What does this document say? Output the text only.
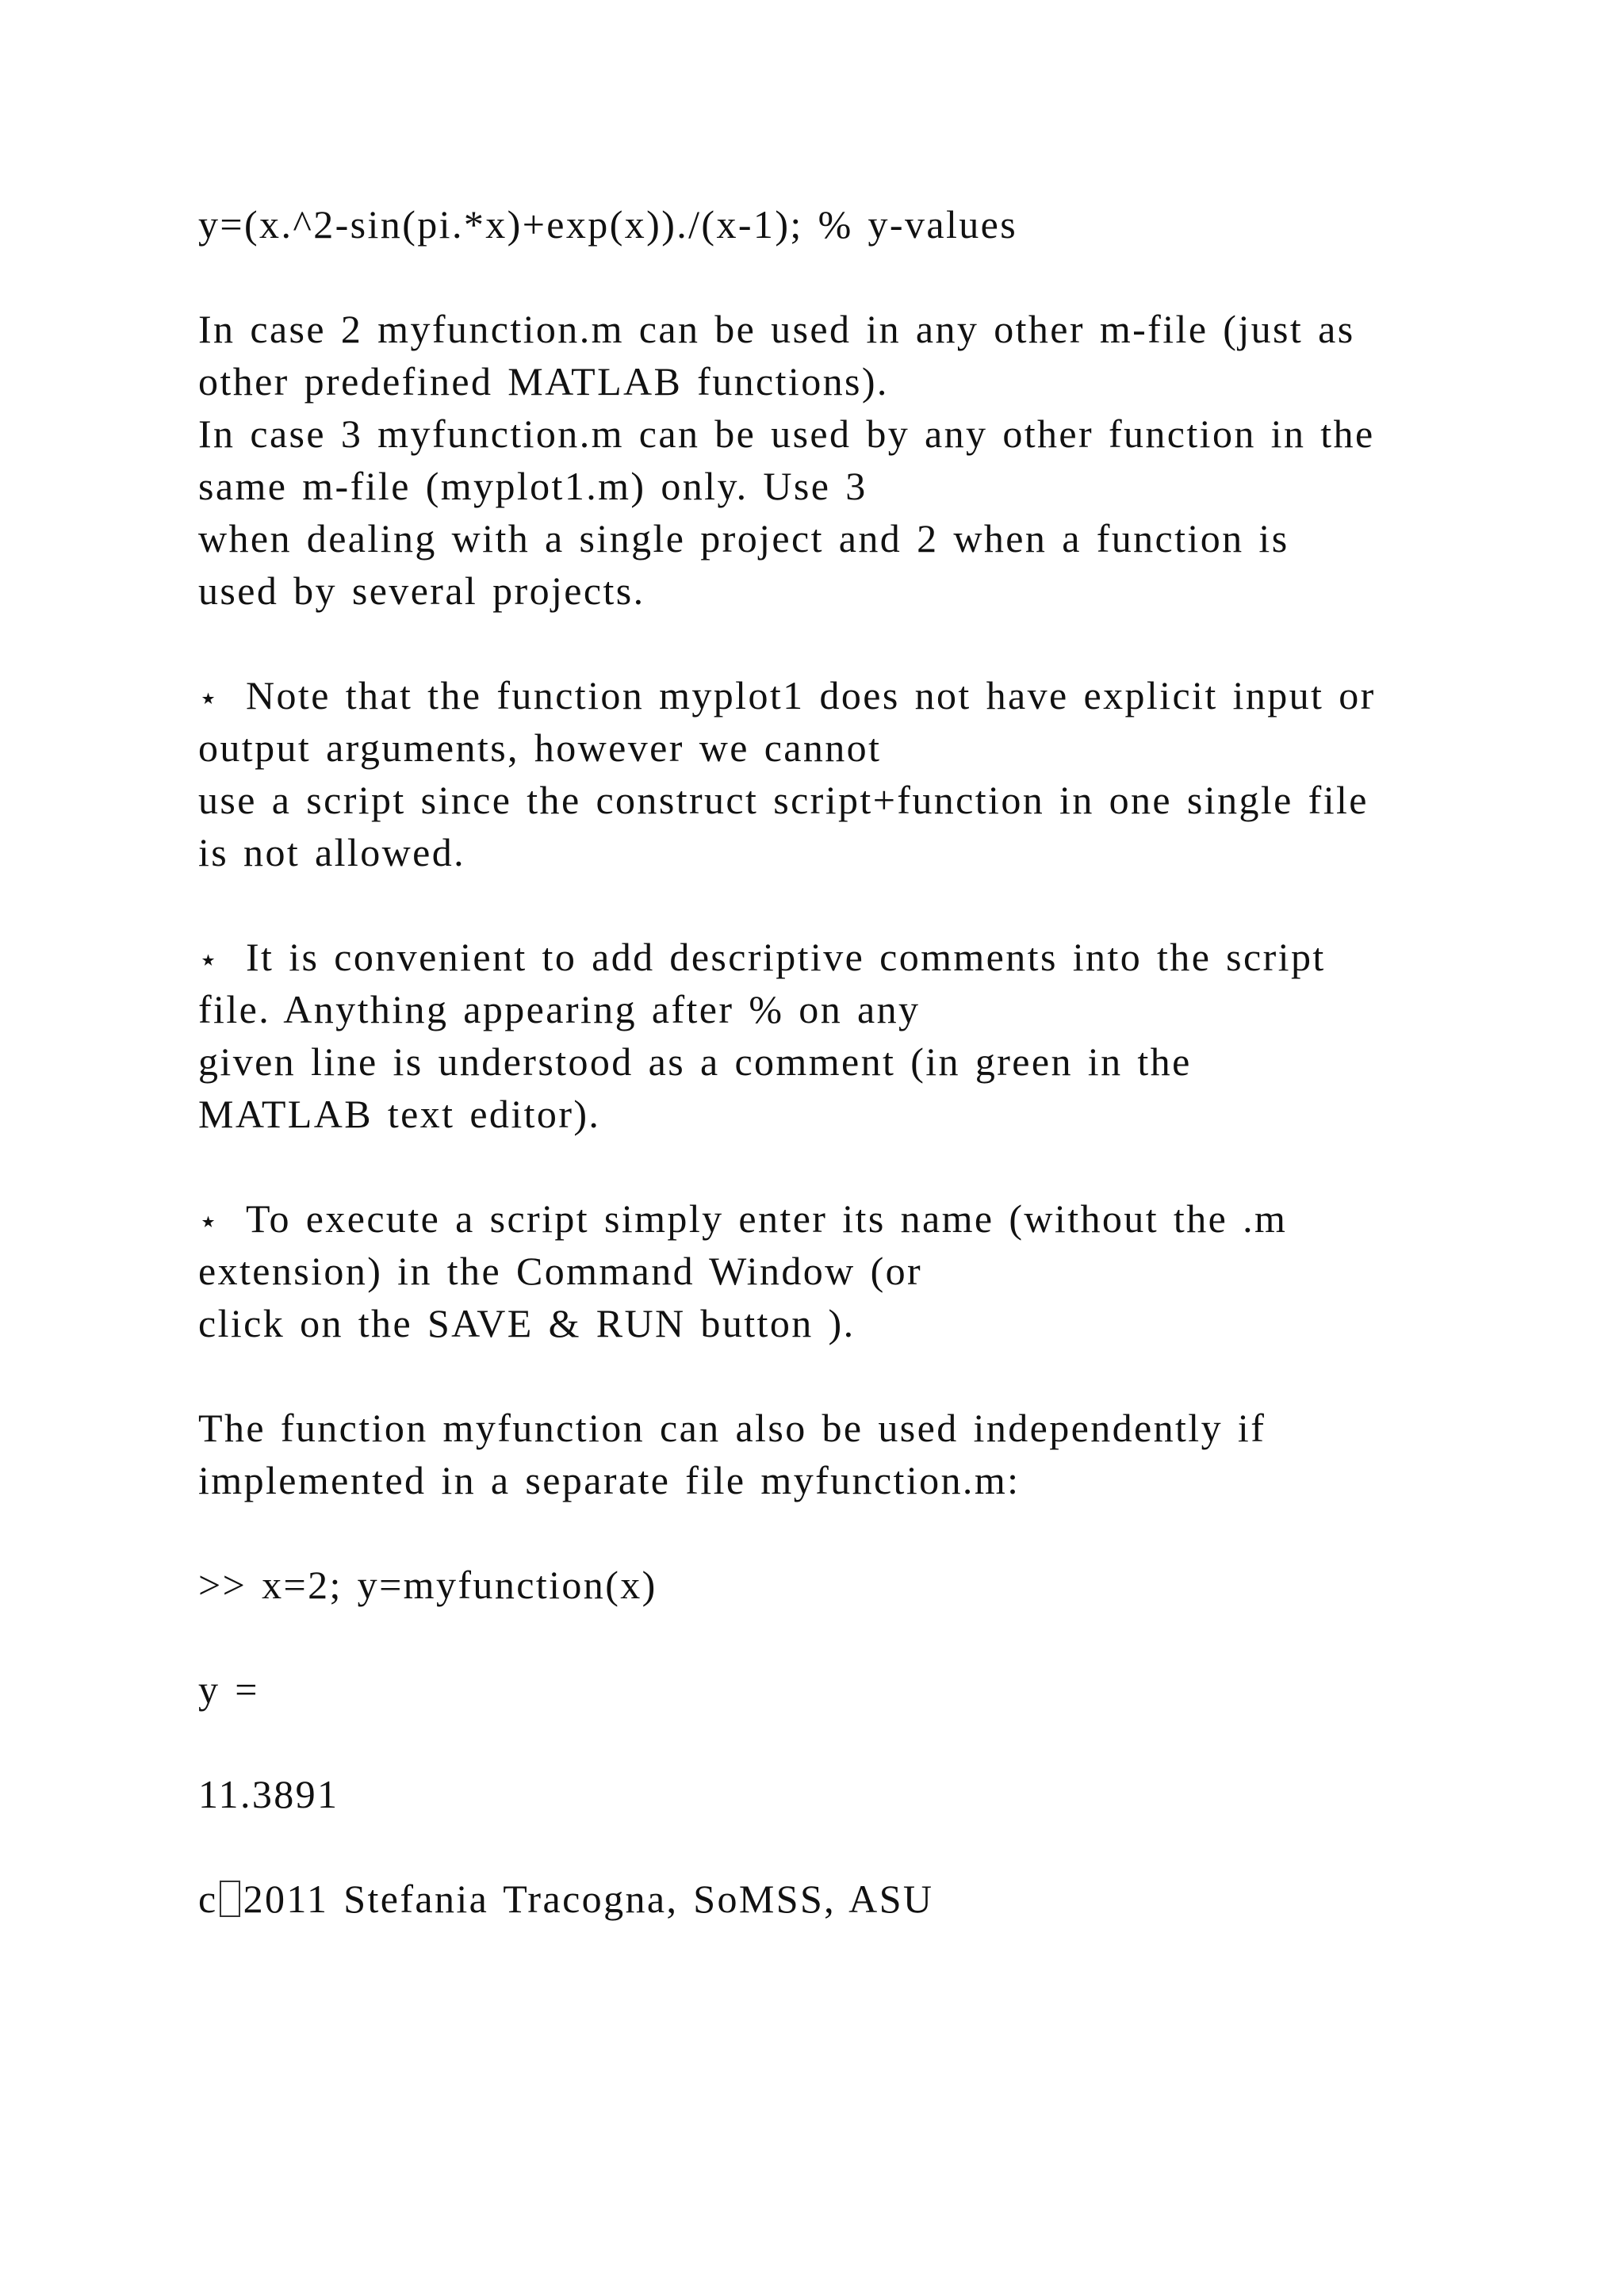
y=(x.^2-sin(pi.*x)+exp(x))./(x-1); % y-values
In case 2 myfunction.m can be used in any other m-file (just as
other predefined MATLAB functions).
In case 3 myfunction.m can be used by any other function in the
same m-file (myplot1.m) only. Use 3
when dealing with a single project and 2 when a function is
used by several projects.
⋆ Note that the function myplot1 does not have explicit input or
output arguments, however we cannot
use a script since the construct script+function in one single file
is not allowed.
⋆ It is convenient to add descriptive comments into the script
file. Anything appearing after % on any
given line is understood as a comment (in green in the
MATLAB text editor).
⋆ To execute a script simply enter its name (without the .m
extension) in the Command Window (or
click on the SAVE & RUN button ).
The function myfunction can also be used independently if
implemented in a separate file myfunction.m:
>> x=2; y=myfunction(x)
y =
11.3891
c 2011 Stefania Tracogna, SoMSS, ASU
